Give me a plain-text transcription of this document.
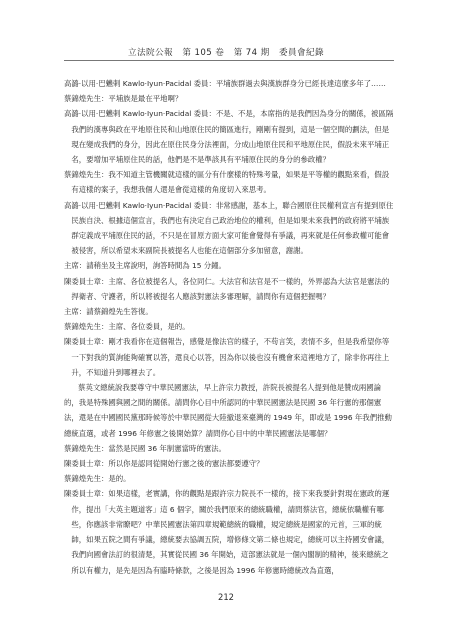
立法院公報 第 105 卷 第 74 期 委員會紀錄

高潞‧以用‧巴魕剌 Kawlo‧Iyun‧Pacidal 委員：平埔族群過去與漢族群身分已經長達這麼多年了……

蔡錦煌先生：平埔族是最在平地啊？

高潞‧以用‧巴魕剌 Kawlo‧Iyun‧Pacidal 委員：不是、不是，本席指的是我們因為身分的關係，被區隔我們的漢專與政在平地原住民和山地原住民的簡區進行，剛剛有提到，這是一個空間的劃法，但是現在變成我們的身分，因此在原住民身分法裡面，分成山地原住民和平地原住民，假設未來平埔正名，要增加平埔原住民的話，他們是不是準該具有平埔原住民的身分的參政權？

蔡錦煌先生：我不知道主管機關就這樣的區分有什麼樣的特殊考量，如果是平等權的觀點來看，假設有這樣的案子，我想我個人還是會從這樣的角度切入來思考。

高潞‧以用‧巴魕剌 Kawlo‧Iyun‧Pacidal 委員：非常感謝，基本上，聯合國原住民權利宣言有提到原住民族自決、根據這個宣言，我們也有決定自己政治地位的權利，但是如果未來我們的政府將平埔族群定義成平埔原住民的話，不只是在冒原方面大家可能會覺得有爭議，再來就是任何參政權可能會被侵害，所以希望未來副院長被提名人也能在這個部分多加留意，謝謝。

主席：請稍坐及主席說明，詢答時間為 15 分鐘。

陳委員士章：主席、各位被提名人，各位同仁。大法官和法官是不一樣的，外界認為大法官是憲法的捍衛者、守護者，所以將被提名人應該對憲法多審理解，請問你有這個把握嗎？

主席：請蔡錦煌先生答復。

蔡錦煌先生：主席、各位委員，是的。

陳委員士章：剛才我看你在這個報告，感覺是像法官的樣子，不苟言笑，表情不多，但是我希望你等一下對我的質詢能夠確實以答，還良心以答，因為你以後也沒有機會來這裡地方了，除非你再往上升，不知道升到哪裡去了。

蔡英文總統說我要尊守中華民國憲法，早上許宗力教授，許院長被提名人提到他是贊成兩國論的，我是特殊國與國之間的關係。請問你心目中所認同的中華民國憲法是民國 36 年行憲的那個憲法，還是在中國國民黨那時候等於中華民國從大陸撤退來臺灣的 1949 年，即或是 1996 年我們推動總統直選，或者 1996 年修憲之後開始算？請問你心目中的中華民國憲法是哪個？

蔡錦煌先生：當然是民國 36 年制憲當時的憲法。

陳委員士章：所以你是認同從開始行憲之後的憲法都要遵守？

蔡錦煌先生：是的。

陳委員士章：如果這樣，老實講，你的觀點是跟許宗力院長不一樣的，接下來我要針對現在憲政的運作，提出「大英主題道客」這 6 個字，關於我們原來的總統職權，請問蔡法官，總統依職權有哪些，你應該非常瞭吧？中華民國憲法第四章規範總統的職權，規定總統是國家的元首，三軍的統帥，如果五院之間有爭議，總統要去協調五院，增修條文第二條也規定，總統可以主持國安會議，我們向國會法訂的很清楚，其實從民國 36 年開始，這部憲法就是一個內閣制的精神，後來總統之所以有權力，是先是因為有臨時條款，之後是因為 1996 年修憲時總統改為直選，

212
